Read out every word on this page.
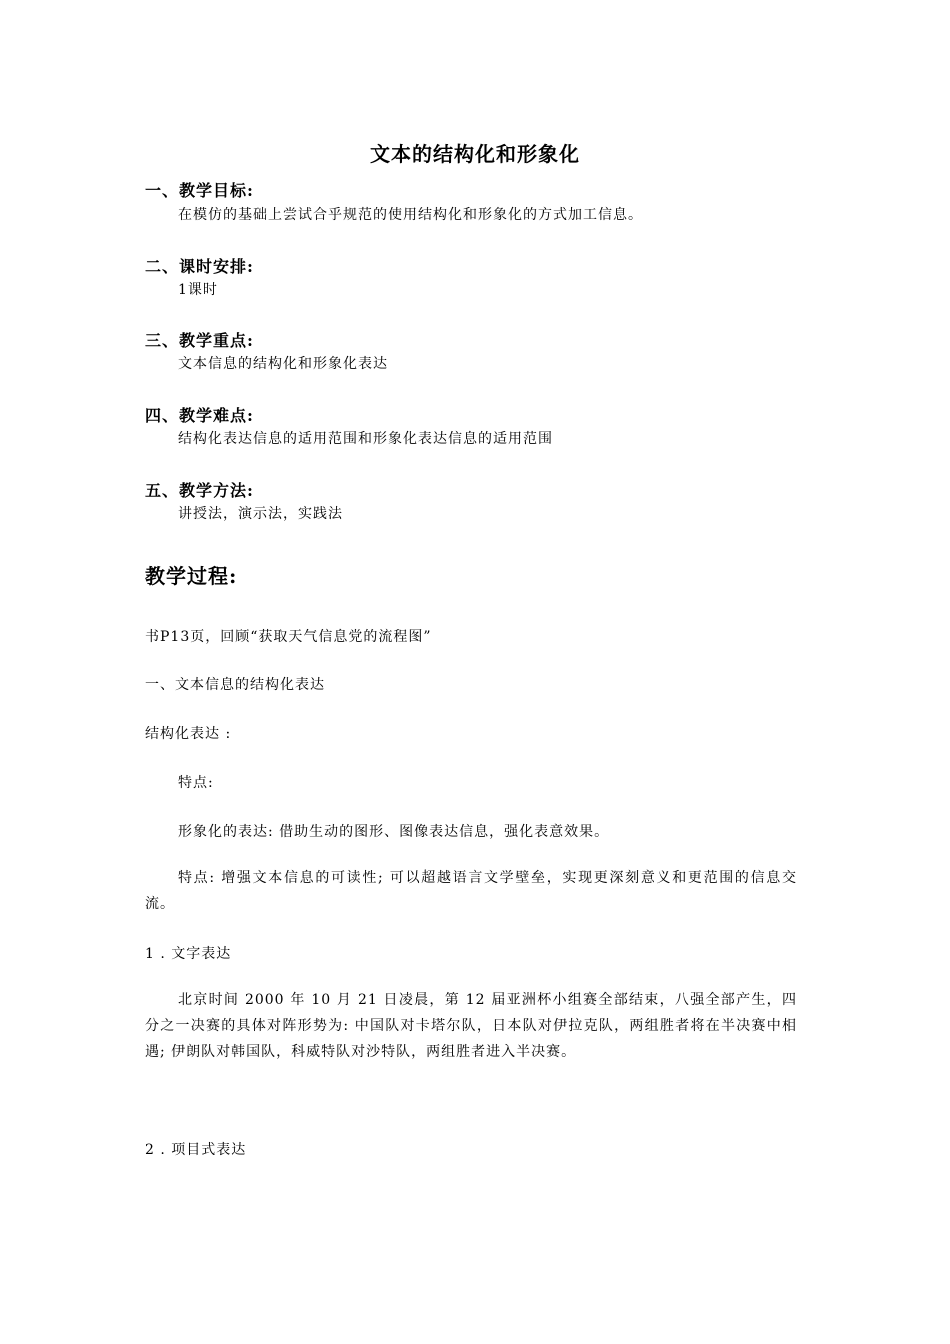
文本的结构化和形象化
一、教学目标:
在模仿的基础上尝试合乎规范的使用结构化和形象化的方式加工信息。
二、课时安排:
1课时
三、教学重点:
文本信息的结构化和形象化表达
四、教学难点:
结构化表达信息的适用范围和形象化表达信息的适用范围
五、教学方法:
讲授法，演示法，实践法
教学过程:
书P13页，回顾“获取天气信息党的流程图”
一、文本信息的结构化表达
结构化表达 :
特点:
形象化的表达: 借助生动的图形、图像表达信息，强化表意效果。
特点: 增强文本信息的可读性; 可以超越语言文学壁垒，实现更深刻意义和更范围的信息交流。
1 . 文字表达
北京时间 2000 年 10 月 21 日凌晨，第 12 届亚洲杯小组赛全部结束，八强全部产生，四分之一决赛的具体对阵形势为: 中国队对卡塔尔队，日本队对伊拉克队，两组胜者将在半决赛中相遇; 伊朗队对韩国队，科威特队对沙特队，两组胜者进入半决赛。
2 . 项目式表达
